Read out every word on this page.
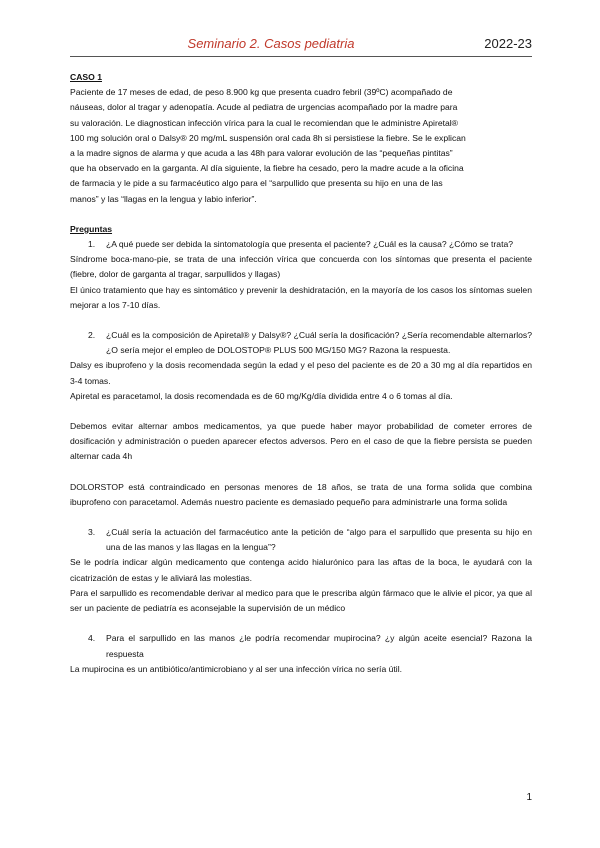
Seminario 2. Casos pediatria	2022-23

CASO 1

Paciente de 17 meses de edad, de peso 8.900 kg que presenta cuadro febril (39ºC) acompañado de

náuseas, dolor al tragar y adenopatía. Acude al pediatra de urgencias acompañado por la madre para

su valoración. Le diagnostican infección vírica para la cual le recomiendan que le administre Apiretal®

100 mg solución oral o Dalsy® 20 mg/mL suspensión oral cada 8h si persistiese la fiebre. Se le explican

a la madre signos de alarma y que acuda a las 48h para valorar evolución de las “pequeñas pintitas”

que ha observado en la garganta. Al día siguiente, la fiebre ha cesado, pero la madre acude a la oficina

de farmacia y le pide a su farmacéutico algo para el “sarpullido que presenta su hijo en una de las

manos” y las “llagas en la lengua y labio inferior”.

Preguntas

1.	¿A qué puede ser debida la sintomatología que presenta el paciente? ¿Cuál es la causa? ¿Cómo se trata?

Síndrome boca-mano-pie, se trata de una infección vírica que concuerda con los síntomas que presenta el paciente (fiebre, dolor de garganta al tragar, sarpullidos y llagas)

El único tratamiento que hay es sintomático y prevenir la deshidratación, en la mayoría de los casos los síntomas suelen mejorar a los 7-10 días.

2.	¿Cuál es la composición de Apiretal® y Dalsy®? ¿Cuál sería la dosificación? ¿Sería recomendable alternarlos? ¿O sería mejor el empleo de DOLOSTOP® PLUS 500 MG/150 MG? Razona la respuesta.

Dalsy es ibuprofeno y la dosis recomendada según la edad y el peso del paciente es de 20 a 30 mg al día repartidos en 3-4 tomas.

Apiretal es paracetamol, la dosis recomendada es de 60 mg/Kg/día dividida entre 4 o 6 tomas al día.

Debemos evitar alternar ambos medicamentos, ya que puede haber mayor probabilidad de cometer errores de dosificación y administración o pueden aparecer efectos adversos. Pero en el caso de que la fiebre persista se pueden alternar cada 4h

DOLORSTOP está contraindicado en personas menores de 18 años, se trata de una forma solida que combina ibuprofeno con paracetamol. Además nuestro paciente es demasiado pequeño para administrarle una forma solida

3.	¿Cuál sería la actuación del farmacéutico ante la petición de “algo para el sarpullido que presenta su hijo en una de las manos y las llagas en la lengua”?

Se le podría indicar algún medicamento que contenga acido hialurónico para las aftas de la boca, le ayudará con la cicatrización de estas y le aliviará las molestias.

Para el sarpullido es recomendable derivar al medico para que le prescriba algún fármaco que le alivie el picor, ya que al ser un paciente de pediatría es aconsejable la supervisión de un médico

4.	Para el sarpullido en las manos ¿le podría recomendar mupirocina? ¿y algún aceite esencial? Razona la respuesta

La mupirocina es un antibiótico/antimicrobiano y al ser una infección vírica no sería útil.

1
